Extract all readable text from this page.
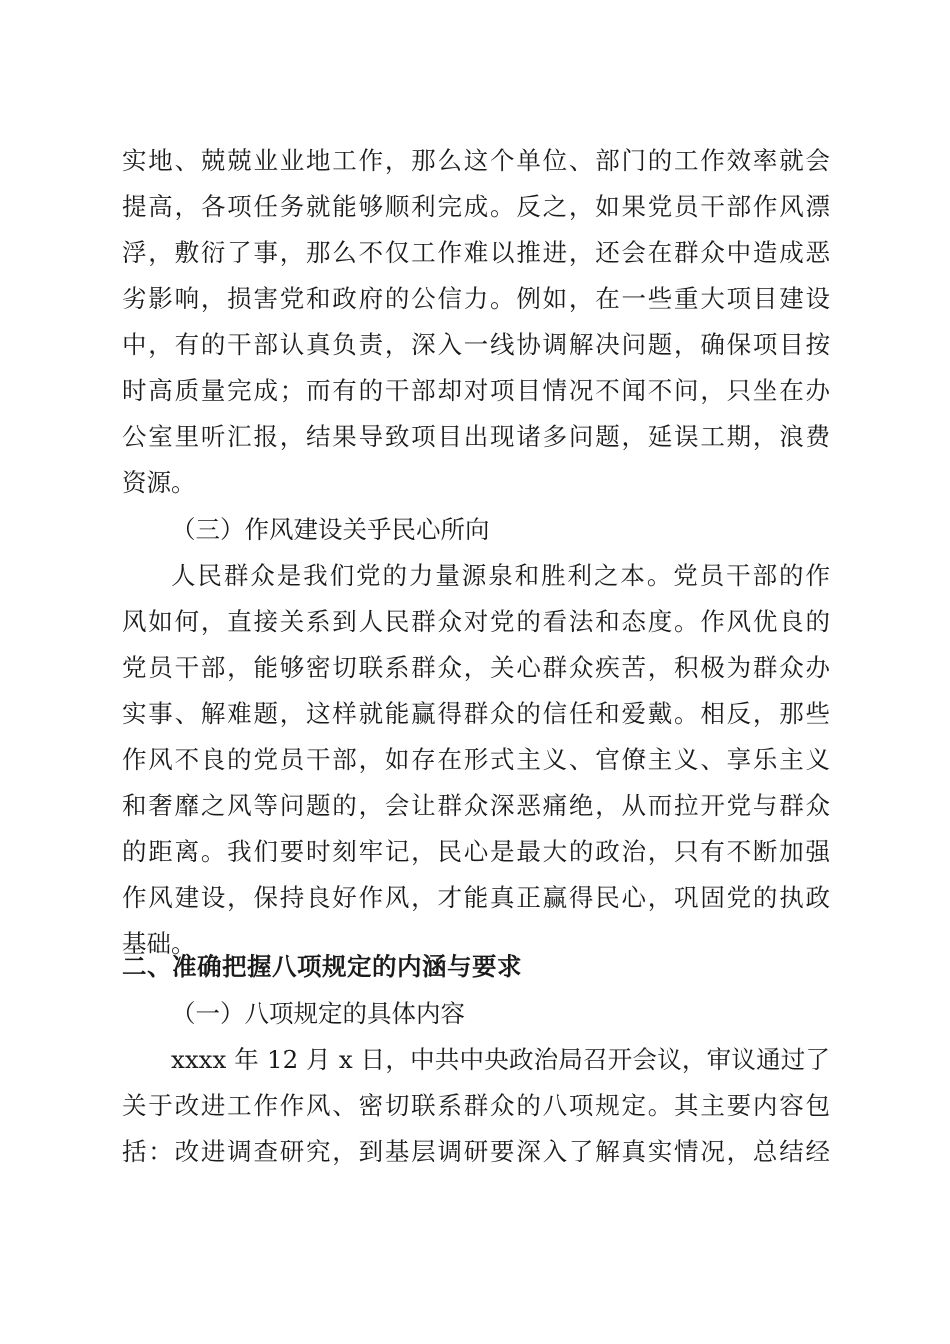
实地、兢兢业业地工作，那么这个单位、部门的工作效率就会
提高，各项任务就能够顺利完成。反之，如果党员干部作风漂
浮，敷衍了事，那么不仅工作难以推进，还会在群众中造成恶
劣影响，损害党和政府的公信力。例如，在一些重大项目建设
中，有的干部认真负责，深入一线协调解决问题，确保项目按
时高质量完成；而有的干部却对项目情况不闻不问，只坐在办
公室里听汇报，结果导致项目出现诸多问题，延误工期，浪费
资源。
（三）作风建设关乎民心所向
人民群众是我们党的力量源泉和胜利之本。党员干部的作
风如何，直接关系到人民群众对党的看法和态度。作风优良的
党员干部，能够密切联系群众，关心群众疾苦，积极为群众办
实事、解难题，这样就能赢得群众的信任和爱戴。相反，那些
作风不良的党员干部，如存在形式主义、官僚主义、享乐主义
和奢靡之风等问题的，会让群众深恶痛绝，从而拉开党与群众
的距离。我们要时刻牢记，民心是最大的政治，只有不断加强
作风建设，保持良好作风，才能真正赢得民心，巩固党的执政
基础。
二、准确把握八项规定的内涵与要求
（一）八项规定的具体内容
xxxx 年 12 月 x 日，中共中央政治局召开会议，审议通过了
关于改进工作作风、密切联系群众的八项规定。其主要内容包
括：改进调查研究，到基层调研要深入了解真实情况，总结经
